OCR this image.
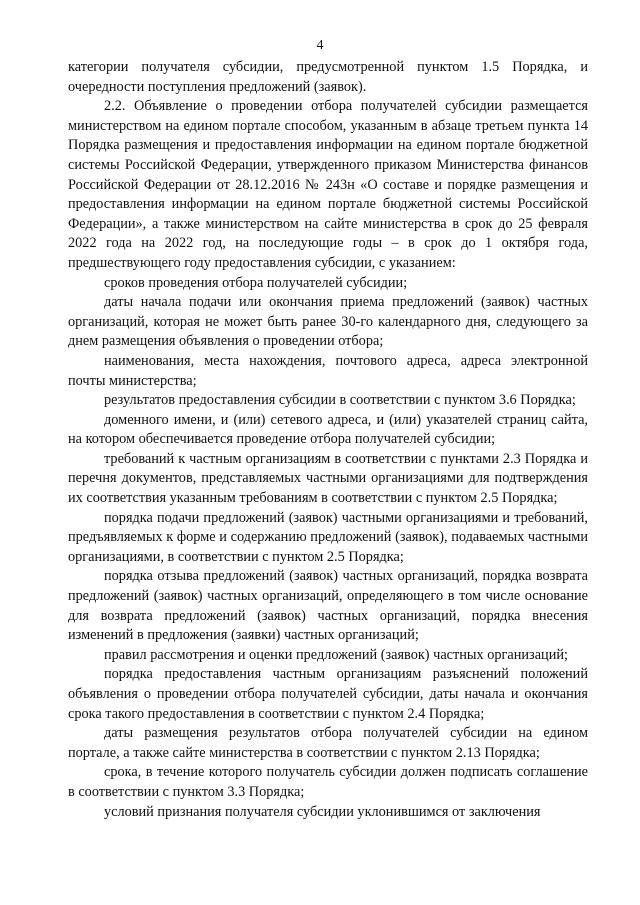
4

категории получателя субсидии, предусмотренной пунктом 1.5 Порядка, и очередности поступления предложений (заявок).

2.2. Объявление о проведении отбора получателей субсидии размещается министерством на едином портале способом, указанным в абзаце третьем пункта 14 Порядка размещения и предоставления информации на едином портале бюджетной системы Российской Федерации, утвержденного приказом Министерства финансов Российской Федерации от 28.12.2016 № 243н «О составе и порядке размещения и предоставления информации на едином портале бюджетной системы Российской Федерации», а также министерством на сайте министерства в срок до 25 февраля 2022 года на 2022 год, на последующие годы – в срок до 1 октября года, предшествующего году предоставления субсидии, с указанием:

сроков проведения отбора получателей субсидии;

даты начала подачи или окончания приема предложений (заявок) частных организаций, которая не может быть ранее 30-го календарного дня, следующего за днем размещения объявления о проведении отбора;

наименования, места нахождения, почтового адреса, адреса электронной почты министерства;

результатов предоставления субсидии в соответствии с пунктом 3.6 Порядка;

доменного имени, и (или) сетевого адреса, и (или) указателей страниц сайта, на котором обеспечивается проведение отбора получателей субсидии;

требований к частным организациям в соответствии с пунктами 2.3 Порядка и перечня документов, представляемых частными организациями для подтверждения их соответствия указанным требованиям в соответствии с пунктом 2.5 Порядка;

порядка подачи предложений (заявок) частными организациями и требований, предъявляемых к форме и содержанию предложений (заявок), подаваемых частными организациями, в соответствии с пунктом 2.5 Порядка;

порядка отзыва предложений (заявок) частных организаций, порядка возврата предложений (заявок) частных организаций, определяющего в том числе основание для возврата предложений (заявок) частных организаций, порядка внесения изменений в предложения (заявки) частных организаций;

правил рассмотрения и оценки предложений (заявок) частных организаций;

порядка предоставления частным организациям разъяснений положений объявления о проведении отбора получателей субсидии, даты начала и окончания срока такого предоставления в соответствии с пунктом 2.4 Порядка;

даты размещения результатов отбора получателей субсидии на едином портале, а также сайте министерства в соответствии с пунктом 2.13 Порядка;

срока, в течение которого получатель субсидии должен подписать соглашение в соответствии с пунктом 3.3 Порядка;

условий признания получателя субсидии уклонившимся от заключения
